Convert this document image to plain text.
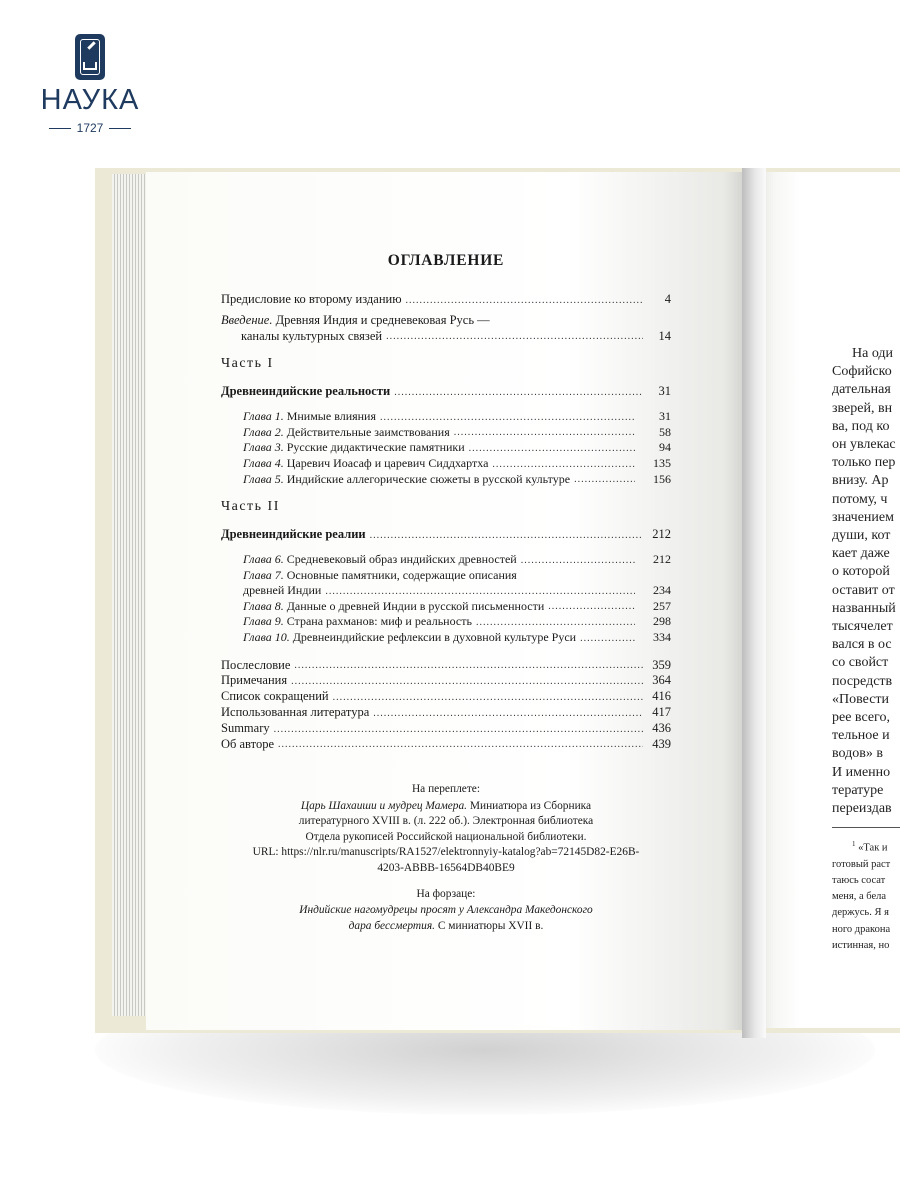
НАУКА
1727
ОГЛАВЛЕНИЕ
Предисловие ко второму изданию .....	4
Введение. Древняя Индия и средневековая Русь —
каналы культурных связей .....	14
Часть I
Древнеиндийские реальности .....	31
Глава 1. Мнимые влияния .....	31
Глава 2. Действительные заимствования .....	58
Глава 3. Русские дидактические памятники .....	94
Глава 4. Царевич Иоасаф и царевич Сиддхартха .....	135
Глава 5. Индийские аллегорические сюжеты в русской культуре .....	156
Часть II
Древнеиндийские реалии .....	212
Глава 6. Средневековый образ индийских древностей .....	212
Глава 7. Основные памятники, содержащие описания
древней Индии .....	234
Глава 8. Данные о древней Индии в русской письменности .....	257
Глава 9. Страна рахманов: миф и реальность .....	298
Глава 10. Древнеиндийские рефлексии в духовной культуре Руси .....	334
Послесловие .....	359
Примечания .....	364
Список сокращений .....	416
Использованная литература .....	417
Summary .....	436
Об авторе .....	439
На переплете:
Царь Шахаиши и мудрец Мамера. Миниатюра из Сборника
литературного XVIII в. (л. 222 об.). Электронная библиотека
Отдела рукописей Российской национальной библиотеки.
URL: https://nlr.ru/manuscripts/RA1527/elektronnyiy-katalog?ab=72145D82-E26B-
4203-ABBB-16564DB40BE9
На форзаце:
Индийские нагомудрецы просят у Александра Македонского
дара бессмертия. С миниатюры XVII в.
На оди
Софийско
дательная
зверей, вн
ва, под ко
он увлекас
только пер
внизу. Ар
потому, ч
значением
души, кот
кает даже
о которой
оставит от
названный
тысячелет
вался в ос
со свойст
посредств
«Повести
рее всего,
тельное и
водов» в
И именно
тературе
переиздав
$^1$ «Так и
готовый раст
таюсь сосат
меня, а бела
держусь. Я я
ного дракона
истинная, но
